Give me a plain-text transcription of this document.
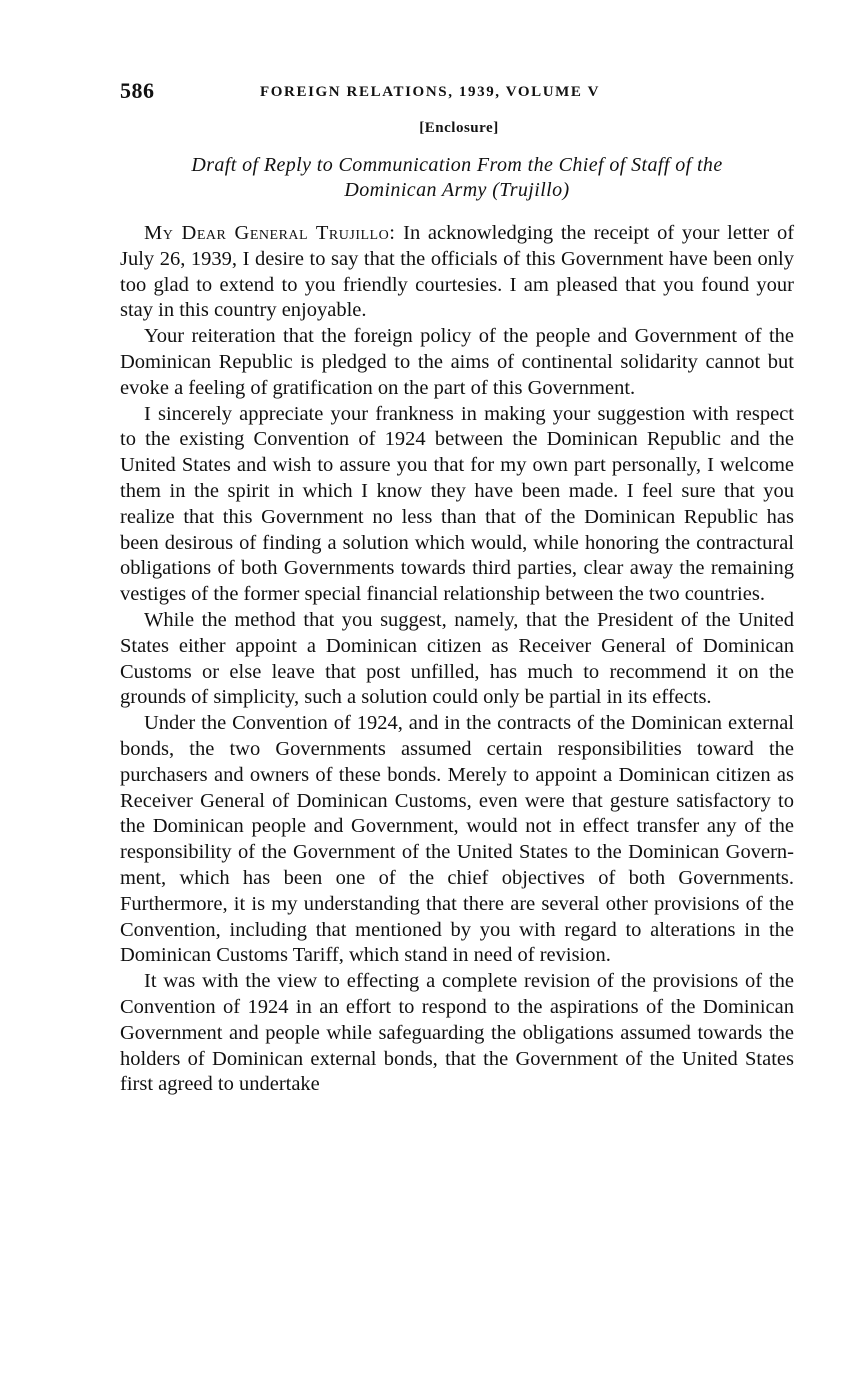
586	FOREIGN RELATIONS, 1939, VOLUME V
[Enclosure]
Draft of Reply to Communication From the Chief of Staff of the
Dominican Army (Trujillo)

My Dear General Trujillo: In acknowledging the receipt of your letter of July 26, 1939, I desire to say that the officials of this Government have been only too glad to extend to you friendly courtesies. I am pleased that you found your stay in this country enjoyable.

Your reiteration that the foreign policy of the people and Government of the Dominican Republic is pledged to the aims of continental solidarity cannot but evoke a feeling of gratification on the part of this Government.

I sincerely appreciate your frankness in making your suggestion with respect to the existing Convention of 1924 between the Dominican Republic and the United States and wish to assure you that for my own part personally, I welcome them in the spirit in which I know they have been made. I feel sure that you realize that this Government no less than that of the Dominican Republic has been desirous of finding a solution which would, while honoring the contractural obligations of both Governments towards third parties, clear away the remaining vestiges of the former special financial relationship between the two countries.

While the method that you suggest, namely, that the President of the United States either appoint a Dominican citizen as Receiver General of Dominican Customs or else leave that post unfilled, has much to recommend it on the grounds of simplicity, such a solution could only be partial in its effects.

Under the Convention of 1924, and in the contracts of the Dominican external bonds, the two Governments assumed certain responsibilities toward the purchasers and owners of these bonds. Merely to appoint a Dominican citizen as Receiver General of Dominican Customs, even were that gesture satisfactory to the Dominican people and Government, would not in effect transfer any of the responsibility of the Government of the United States to the Dominican Government, which has been one of the chief objectives of both Governments. Furthermore, it is my understanding that there are several other provisions of the Convention, including that mentioned by you with regard to alterations in the Dominican Customs Tariff, which stand in need of revision.

It was with the view to effecting a complete revision of the provisions of the Convention of 1924 in an effort to respond to the aspirations of the Dominican Government and people while safeguarding the obligations assumed towards the holders of Dominican external bonds, that the Government of the United States first agreed to undertake
